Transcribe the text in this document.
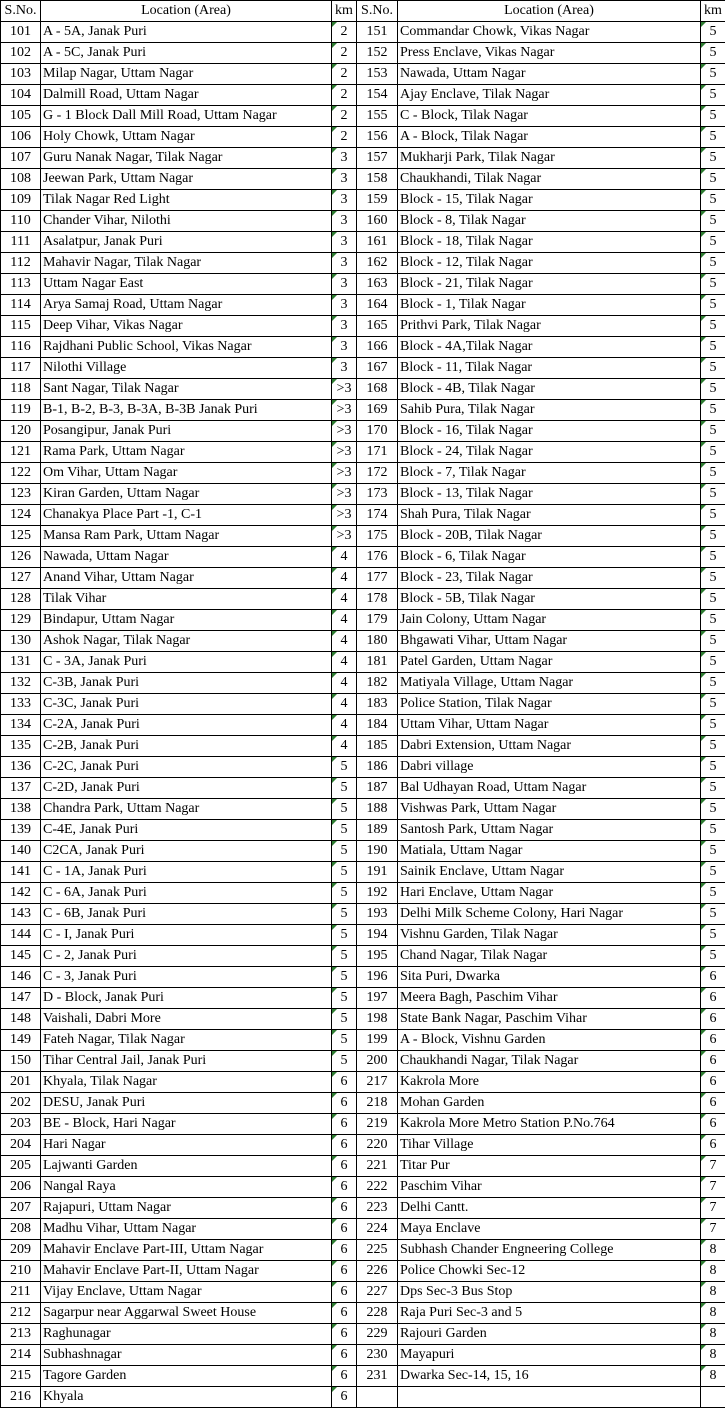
S.No.	Location (Area)	km	S.No.	Location (Area)	km
101	A - 5A, Janak Puri	2	151	Commandar Chowk, Vikas Nagar	5
102	A - 5C, Janak Puri	2	152	Press Enclave, Vikas Nagar	5
103	Milap Nagar, Uttam Nagar	2	153	Nawada, Uttam Nagar	5
104	Dalmill Road, Uttam Nagar	2	154	Ajay Enclave, Tilak Nagar	5
105	G - 1 Block Dall Mill Road, Uttam Nagar	2	155	C - Block, Tilak Nagar	5
106	Holy Chowk, Uttam Nagar	2	156	A - Block, Tilak Nagar	5
107	Guru Nanak Nagar, Tilak Nagar	3	157	Mukharji Park, Tilak Nagar	5
108	Jeewan Park, Uttam Nagar	3	158	Chaukhandi, Tilak Nagar	5
109	Tilak Nagar Red Light	3	159	Block - 15, Tilak Nagar	5
110	Chander Vihar, Nilothi	3	160	Block - 8, Tilak Nagar	5
111	Asalatpur, Janak Puri	3	161	Block - 18, Tilak Nagar	5
112	Mahavir Nagar, Tilak Nagar	3	162	Block - 12, Tilak Nagar	5
113	Uttam Nagar East	3	163	Block - 21, Tilak Nagar	5
114	Arya Samaj Road, Uttam Nagar	3	164	Block - 1, Tilak Nagar	5
115	Deep Vihar, Vikas Nagar	3	165	Prithvi Park, Tilak Nagar	5
116	Rajdhani Public School, Vikas Nagar	3	166	Block - 4A,Tilak Nagar	5
117	Nilothi Village	3	167	Block - 11, Tilak Nagar	5
118	Sant Nagar, Tilak Nagar	>3	168	Block - 4B, Tilak Nagar	5
119	B-1, B-2, B-3, B-3A, B-3B Janak Puri	>3	169	Sahib Pura, Tilak Nagar	5
120	Posangipur, Janak Puri	>3	170	Block - 16, Tilak Nagar	5
121	Rama Park, Uttam Nagar	>3	171	Block - 24, Tilak Nagar	5
122	Om Vihar, Uttam Nagar	>3	172	Block - 7, Tilak Nagar	5
123	Kiran Garden, Uttam Nagar	>3	173	Block - 13, Tilak Nagar	5
124	Chanakya Place Part -1, C-1	>3	174	Shah Pura, Tilak Nagar	5
125	Mansa Ram Park, Uttam Nagar	>3	175	Block - 20B, Tilak Nagar	5
126	Nawada, Uttam Nagar	4	176	Block - 6, Tilak Nagar	5
127	Anand Vihar, Uttam Nagar	4	177	Block - 23, Tilak Nagar	5
128	Tilak Vihar	4	178	Block - 5B, Tilak Nagar	5
129	Bindapur, Uttam Nagar	4	179	Jain Colony, Uttam Nagar	5
130	Ashok Nagar, Tilak Nagar	4	180	Bhgawati Vihar, Uttam Nagar	5
131	C - 3A, Janak Puri	4	181	Patel Garden, Uttam Nagar	5
132	C-3B, Janak Puri	4	182	Matiyala Village, Uttam Nagar	5
133	C-3C, Janak Puri	4	183	Police Station, Tilak Nagar	5
134	C-2A, Janak Puri	4	184	Uttam Vihar, Uttam Nagar	5
135	C-2B, Janak Puri	4	185	Dabri Extension, Uttam Nagar	5
136	C-2C, Janak Puri	5	186	Dabri village	5
137	C-2D, Janak Puri	5	187	Bal Udhayan Road, Uttam Nagar	5
138	Chandra Park, Uttam Nagar	5	188	Vishwas Park, Uttam Nagar	5
139	C-4E, Janak Puri	5	189	Santosh Park, Uttam Nagar	5
140	C2CA, Janak Puri	5	190	Matiala, Uttam Nagar	5
141	C - 1A, Janak Puri	5	191	Sainik Enclave, Uttam Nagar	5
142	C - 6A, Janak Puri	5	192	Hari Enclave, Uttam Nagar	5
143	C - 6B, Janak Puri	5	193	Delhi Milk Scheme Colony, Hari Nagar	5
144	C - I, Janak Puri	5	194	Vishnu Garden, Tilak Nagar	5
145	C - 2, Janak Puri	5	195	Chand Nagar, Tilak Nagar	5
146	C - 3, Janak Puri	5	196	Sita Puri, Dwarka	6
147	D - Block, Janak Puri	5	197	Meera Bagh, Paschim Vihar	6
148	Vaishali, Dabri More	5	198	State Bank Nagar, Paschim Vihar	6
149	Fateh Nagar, Tilak Nagar	5	199	A - Block, Vishnu Garden	6
150	Tihar Central Jail, Janak Puri	5	200	Chaukhandi Nagar, Tilak Nagar	6
201	Khyala, Tilak Nagar	6	217	Kakrola More	6
202	DESU, Janak Puri	6	218	Mohan Garden	6
203	BE - Block, Hari Nagar	6	219	Kakrola More Metro Station P.No.764	6
204	Hari Nagar	6	220	Tihar Village	6
205	Lajwanti Garden	6	221	Titar Pur	7
206	Nangal Raya	6	222	Paschim Vihar	7
207	Rajapuri, Uttam Nagar	6	223	Delhi Cantt.	7
208	Madhu Vihar, Uttam Nagar	6	224	Maya Enclave	7
209	Mahavir Enclave Part-III, Uttam Nagar	6	225	Subhash Chander Engneering College	8
210	Mahavir Enclave Part-II, Uttam Nagar	6	226	Police Chowki Sec-12	8
211	Vijay Enclave, Uttam Nagar	6	227	Dps Sec-3 Bus Stop	8
212	Sagarpur near Aggarwal Sweet House	6	228	Raja Puri Sec-3 and 5	8
213	Raghunagar	6	229	Rajouri Garden	8
214	Subhashnagar	6	230	Mayapuri	8
215	Tagore Garden	6	231	Dwarka Sec-14, 15, 16	8
216	Khyala	6			
